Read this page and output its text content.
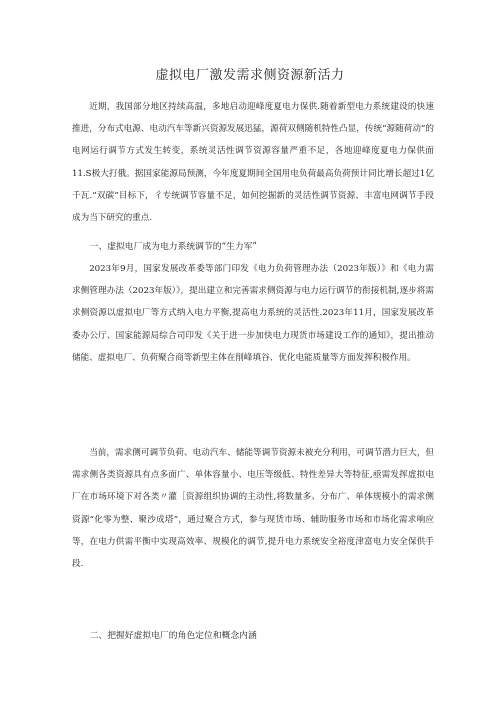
虚拟电厂激发需求侧资源新活力

近期，我国部分地区持续高温，多地启动迎峰度夏电力保供.随着新型电力系统建设的快速推进，分布式电源、电动汽车等新兴资源发展迅猛，源荷双侧随机特性凸显，传统“源随荷动”的电网运行调节方式发生转变，系统灵活性调节资源容量严重不足，各地迎峰度夏电力保供面11.S极大打俄。据国家能源局预测，今年度夏期间全国用电负荷最高负荷预计同比增长超过1亿千瓦.“双碳”目标下，彳专统调节容量不足，如何挖掘新的灵活性调节资源、丰富电网调节手段成为当下研究的重点.

一、虚拟电厂成为电力系统调节的“生力军”

2023年9月，国家发展改革委等部门印发《电力负荷管理办法（2023年版）》和《电力需求侧管理办法（2023年版）》，提出建立和完善需求侧资源与电力运行调节的衔接机制,逐步将需求侧资源以虚拟电厂等方式纳入电力平衡,提高电力系统的灵活性.2023年11月，国家发展改革委办公厅、国家能源局综合司印发《关于进一步加快电力现货市场建设工作的通知》，提出推动储能、虚拟电厂、负荷聚合商等新型主体在削峰填谷、优化电能质量等方面发挥积极作用。

当前，需求侧可调节负荷、电动汽车、储能等调节资源未被充分利用，可调节潜力巨大，但需求侧各类资源具有点多面广、单体容量小、电压等级低、特性差异大等特征,亟需发挥虚拟电厂在市场环境下对各类〃灌［资源组织协调的主动性,将数量多、分布广、单体规模小的需求侧资源“化零为整、聚沙成塔”，通过聚合方式，参与现货市场、辅助服务市场和市场化需求响应等，在电力供需平衡中实现高效率、规模化的调节,提升电力系统安全裕度津富电力安全保供手段.

二、把握好虚拟电厂的角色定位和概念内涵
